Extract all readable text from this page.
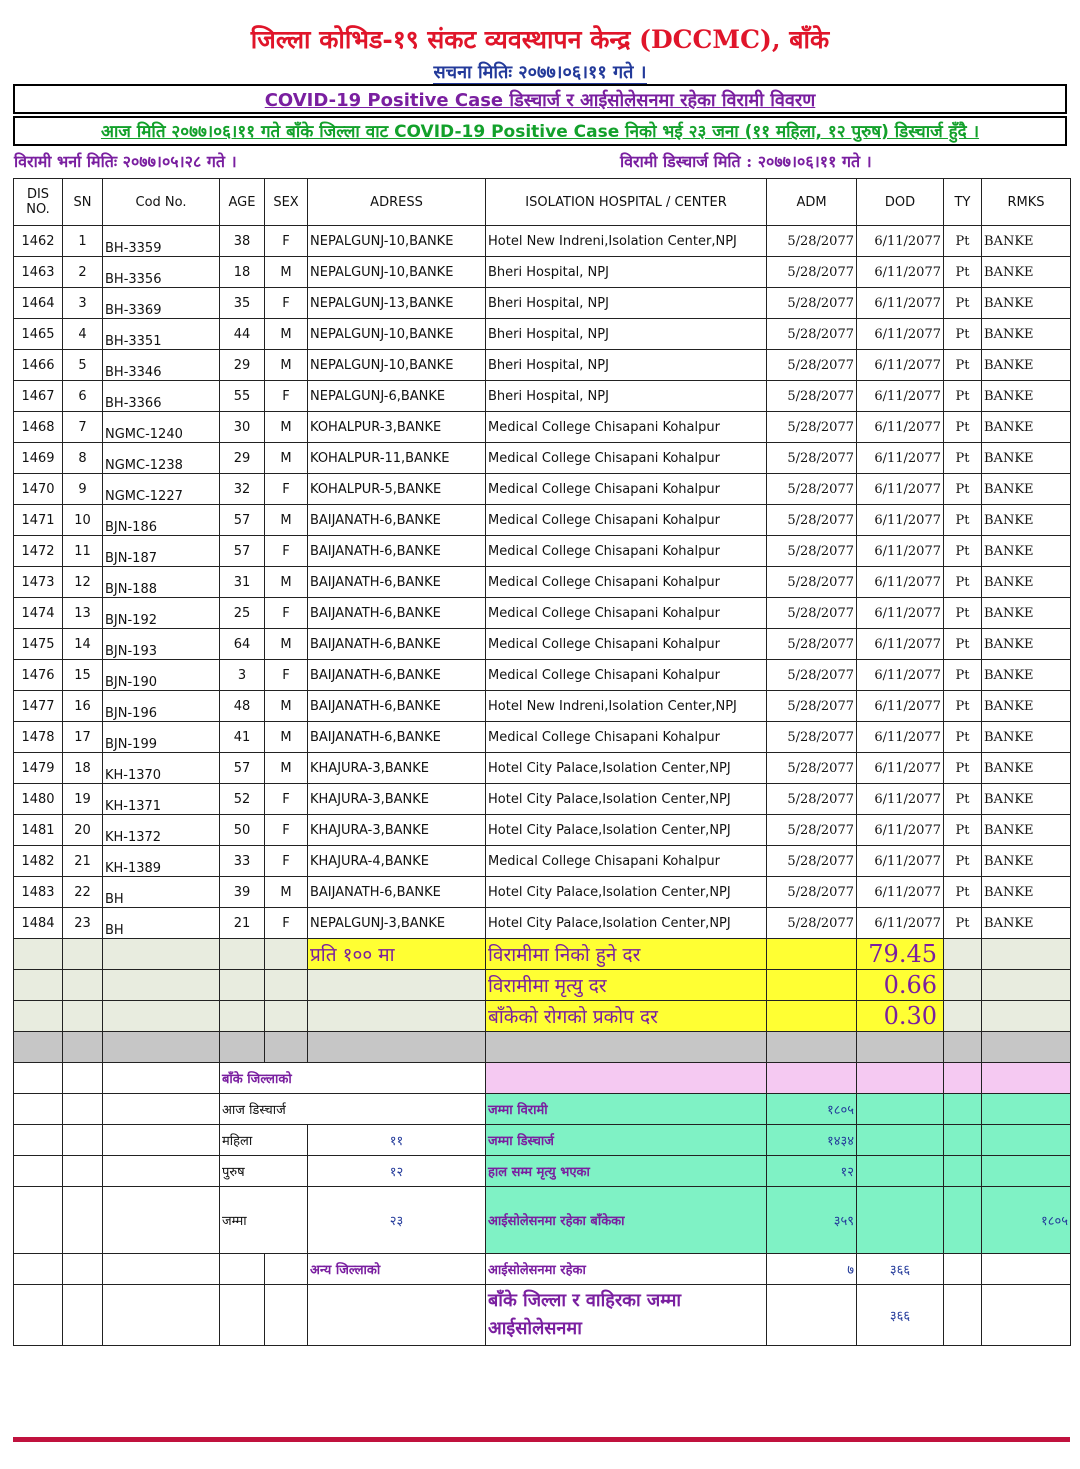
जिल्ला कोभिड-१९ संकट व्यवस्थापन केन्द्र (DCCMC), बाँके
सचना मितिः २०७७।०६।११ गते ।
COVID-19 Positive Case डिस्चार्ज र आईसोलेसनमा रहेका विरामी विवरण
आज मिति २०७७।०६।११ गते बाँके जिल्ला वाट COVID-19 Positive Case निको भई २३ जना (११ महिला, १२ पुरुष) डिस्चार्ज हुँदै ।
विरामी भर्ना मितिः २०७७।०५।२८ गते ।	विरामी डिस्चार्ज मिति : २०७७।०६।११ गते ।
DIS NO.	SN	Cod No.	AGE	SEX	ADRESS	ISOLATION HOSPITAL / CENTER	ADM	DOD	TY	RMKS
1462	1	BH-3359	38	F	NEPALGUNJ-10,BANKE	Hotel New Indreni,Isolation Center,NPJ	5/28/2077	6/11/2077	Pt	BANKE
1463	2	BH-3356	18	M	NEPALGUNJ-10,BANKE	Bheri Hospital, NPJ	5/28/2077	6/11/2077	Pt	BANKE
1464	3	BH-3369	35	F	NEPALGUNJ-13,BANKE	Bheri Hospital, NPJ	5/28/2077	6/11/2077	Pt	BANKE
1465	4	BH-3351	44	M	NEPALGUNJ-10,BANKE	Bheri Hospital, NPJ	5/28/2077	6/11/2077	Pt	BANKE
1466	5	BH-3346	29	M	NEPALGUNJ-10,BANKE	Bheri Hospital, NPJ	5/28/2077	6/11/2077	Pt	BANKE
1467	6	BH-3366	55	F	NEPALGUNJ-6,BANKE	Bheri Hospital, NPJ	5/28/2077	6/11/2077	Pt	BANKE
1468	7	NGMC-1240	30	M	KOHALPUR-3,BANKE	Medical College Chisapani Kohalpur	5/28/2077	6/11/2077	Pt	BANKE
1469	8	NGMC-1238	29	M	KOHALPUR-11,BANKE	Medical College Chisapani Kohalpur	5/28/2077	6/11/2077	Pt	BANKE
1470	9	NGMC-1227	32	F	KOHALPUR-5,BANKE	Medical College Chisapani Kohalpur	5/28/2077	6/11/2077	Pt	BANKE
1471	10	BJN-186	57	M	BAIJANATH-6,BANKE	Medical College Chisapani Kohalpur	5/28/2077	6/11/2077	Pt	BANKE
1472	11	BJN-187	57	F	BAIJANATH-6,BANKE	Medical College Chisapani Kohalpur	5/28/2077	6/11/2077	Pt	BANKE
1473	12	BJN-188	31	M	BAIJANATH-6,BANKE	Medical College Chisapani Kohalpur	5/28/2077	6/11/2077	Pt	BANKE
1474	13	BJN-192	25	F	BAIJANATH-6,BANKE	Medical College Chisapani Kohalpur	5/28/2077	6/11/2077	Pt	BANKE
1475	14	BJN-193	64	M	BAIJANATH-6,BANKE	Medical College Chisapani Kohalpur	5/28/2077	6/11/2077	Pt	BANKE
1476	15	BJN-190	3	F	BAIJANATH-6,BANKE	Medical College Chisapani Kohalpur	5/28/2077	6/11/2077	Pt	BANKE
1477	16	BJN-196	48	M	BAIJANATH-6,BANKE	Hotel New Indreni,Isolation Center,NPJ	5/28/2077	6/11/2077	Pt	BANKE
1478	17	BJN-199	41	M	BAIJANATH-6,BANKE	Medical College Chisapani Kohalpur	5/28/2077	6/11/2077	Pt	BANKE
1479	18	KH-1370	57	M	KHAJURA-3,BANKE	Hotel City Palace,Isolation Center,NPJ	5/28/2077	6/11/2077	Pt	BANKE
1480	19	KH-1371	52	F	KHAJURA-3,BANKE	Hotel City Palace,Isolation Center,NPJ	5/28/2077	6/11/2077	Pt	BANKE
1481	20	KH-1372	50	F	KHAJURA-3,BANKE	Hotel City Palace,Isolation Center,NPJ	5/28/2077	6/11/2077	Pt	BANKE
1482	21	KH-1389	33	F	KHAJURA-4,BANKE	Medical College Chisapani Kohalpur	5/28/2077	6/11/2077	Pt	BANKE
1483	22	BH	39	M	BAIJANATH-6,BANKE	Hotel City Palace,Isolation Center,NPJ	5/28/2077	6/11/2077	Pt	BANKE
1484	23	BH	21	F	NEPALGUNJ-3,BANKE	Hotel City Palace,Isolation Center,NPJ	5/28/2077	6/11/2077	Pt	BANKE
					प्रति १०० मा	विरामीमा निको हुने दर		79.45		
						विरामीमा मृत्यु दर		0.66		
						बाँकेको रोगको प्रकोप दर		0.30		

			बाँके जिल्लाको							
			आज डिस्चार्ज			जम्मा विरामी	१८०५			
			महिला		११	जम्मा डिस्चार्ज	१४३४			
			पुरुष		१२	हाल सम्म मृत्यु भएका	१२			
			जम्मा		२३	आईसोलेसनमा रहेका बाँकेका	३५९			१८०५
					अन्य जिल्लाको	आईसोलेसनमा रहेका	७	३६६		
						बाँके जिल्ला र वाहिरका जम्मा आईसोलेसनमा		३६६		
